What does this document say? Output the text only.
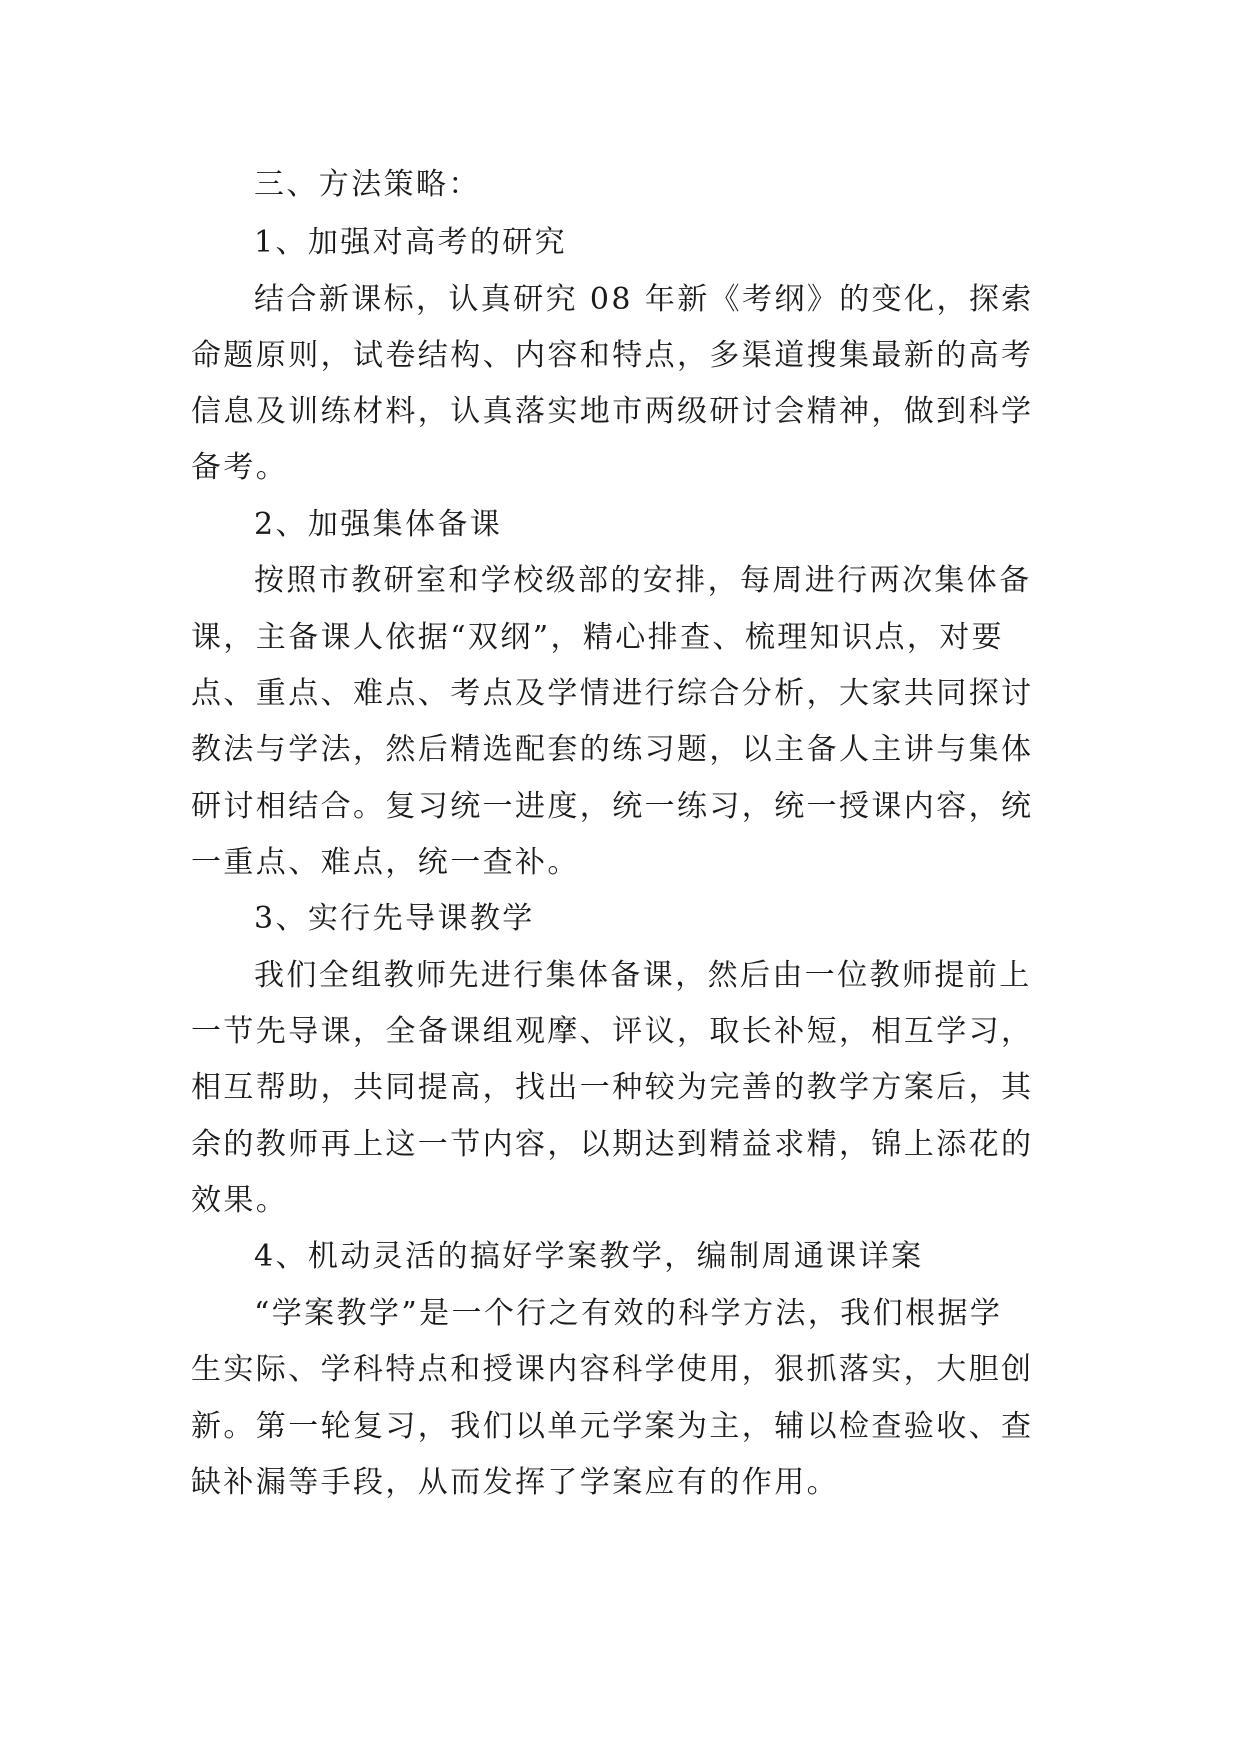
三、方法策略：
1、加强对高考的研究
结合新课标，认真研究 08 年新《考纲》的变化，探索
命题原则，试卷结构、内容和特点，多渠道搜集最新的高考
信息及训练材料，认真落实地市两级研讨会精神，做到科学
备考。
2、加强集体备课
按照市教研室和学校级部的安排，每周进行两次集体备
课，主备课人依据“双纲”，精心排查、梳理知识点，对要
点、重点、难点、考点及学情进行综合分析，大家共同探讨
教法与学法，然后精选配套的练习题，以主备人主讲与集体
研讨相结合。复习统一进度，统一练习，统一授课内容，统
一重点、难点，统一查补。
3、实行先导课教学
我们全组教师先进行集体备课，然后由一位教师提前上
一节先导课，全备课组观摩、评议，取长补短，相互学习，
相互帮助，共同提高，找出一种较为完善的教学方案后，其
余的教师再上这一节内容，以期达到精益求精，锦上添花的
效果。
4、机动灵活的搞好学案教学，编制周通课详案
“学案教学”是一个行之有效的科学方法，我们根据学
生实际、学科特点和授课内容科学使用，狠抓落实，大胆创
新。第一轮复习，我们以单元学案为主，辅以检查验收、查
缺补漏等手段，从而发挥了学案应有的作用。
